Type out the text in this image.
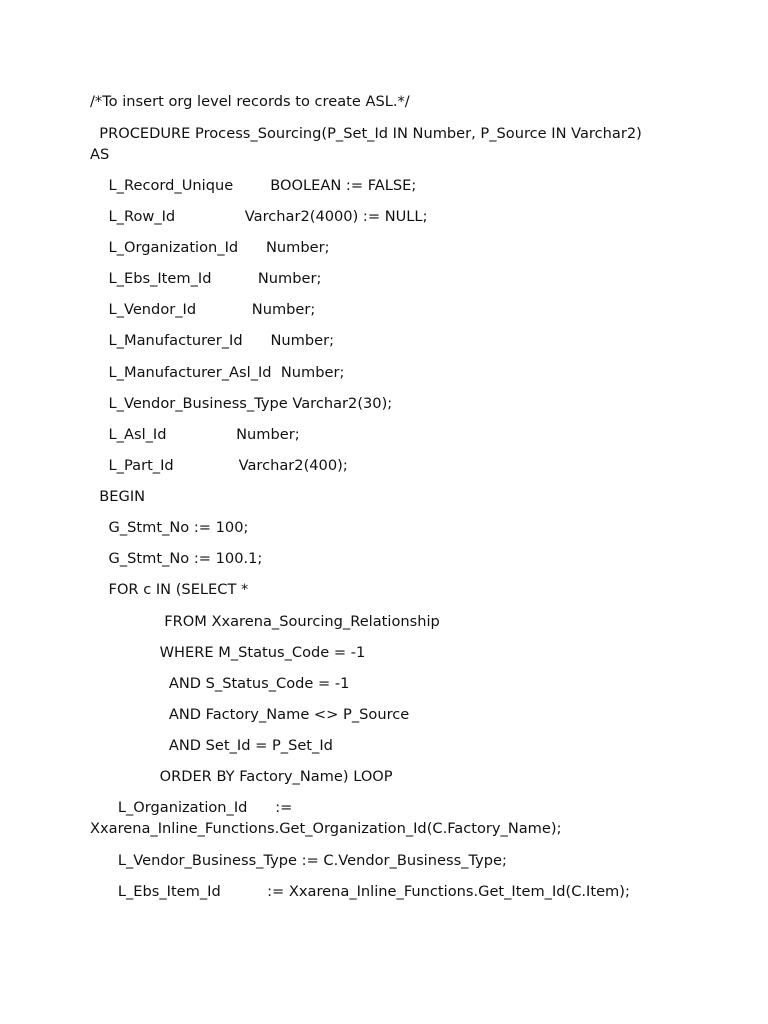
/*To insert org level records to create ASL.*/

PROCEDURE Process_Sourcing(P_Set_Id IN Number, P_Source IN Varchar2)

AS

L_Record_Unique        BOOLEAN := FALSE;

L_Row_Id               Varchar2(4000) := NULL;

L_Organization_Id      Number;

L_Ebs_Item_Id          Number;

L_Vendor_Id            Number;

L_Manufacturer_Id      Number;

L_Manufacturer_Asl_Id  Number;

L_Vendor_Business_Type Varchar2(30);

L_Asl_Id               Number;

L_Part_Id              Varchar2(400);

BEGIN

G_Stmt_No := 100;

G_Stmt_No := 100.1;

FOR c IN (SELECT *

FROM Xxarena_Sourcing_Relationship

WHERE M_Status_Code = -1

AND S_Status_Code = -1

AND Factory_Name <> P_Source

AND Set_Id = P_Set_Id

ORDER BY Factory_Name) LOOP

L_Organization_Id      :=

Xxarena_Inline_Functions.Get_Organization_Id(C.Factory_Name);

L_Vendor_Business_Type := C.Vendor_Business_Type;

L_Ebs_Item_Id          := Xxarena_Inline_Functions.Get_Item_Id(C.Item);
